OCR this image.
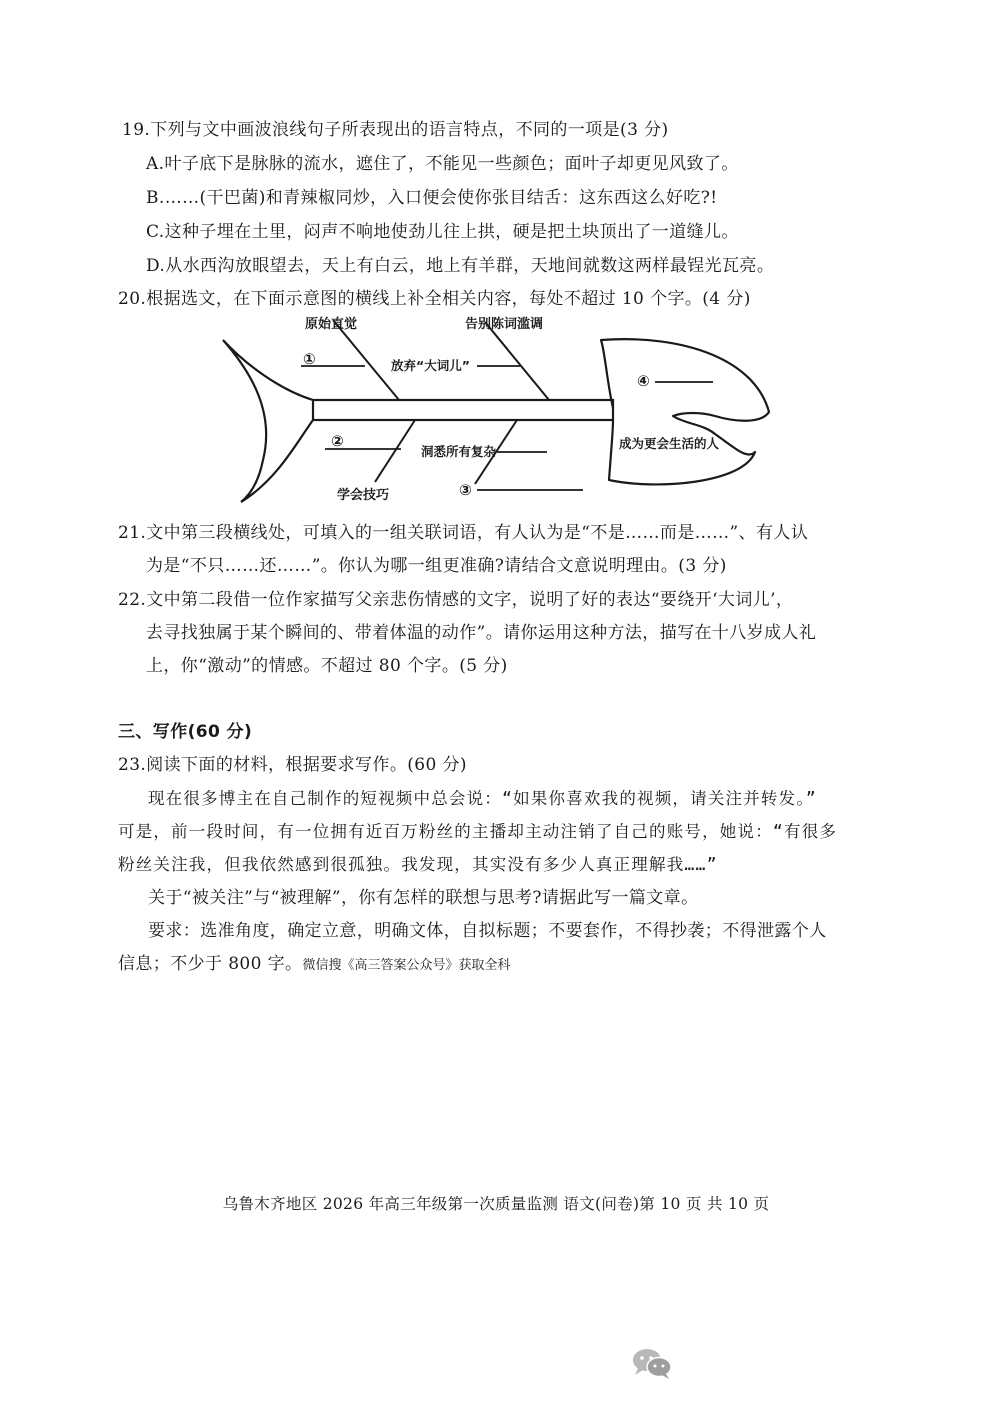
19.下列与文中画波浪线句子所表现出的语言特点，不同的一项是(3 分)
A.叶子底下是脉脉的流水，遮住了，不能见一些颜色；面叶子却更见风致了。
B.……(干巴菌)和青辣椒同炒，入口便会使你张目结舌：这东西这么好吃?!
C.这种子埋在土里，闷声不响地使劲儿往上拱，硬是把土块顶出了一道缝儿。
D.从水西沟放眼望去，天上有白云，地上有羊群，天地间就数这两样最锃光瓦亮。
20.根据选文，在下面示意图的横线上补全相关内容，每处不超过 10 个字。(4 分)
原始直觉	告别陈词滥调
放弃“大词儿”
洞悉所有复杂
学会技巧
成为更会生活的人
①
②
③
④
21.文中第三段横线处，可填入的一组关联词语，有人认为是“不是……而是……”、有人认
为是“不只……还……”。你认为哪一组更准确?请结合文意说明理由。(3 分)
22.文中第二段借一位作家描写父亲悲伤情感的文字，说明了好的表达“要绕开‘大词儿’，
去寻找独属于某个瞬间的、带着体温的动作”。请你运用这种方法，描写在十八岁成人礼
上，你“激动”的情感。不超过 80 个字。(5 分)
三、写作(60 分)
23.阅读下面的材料，根据要求写作。(60 分)
现在很多博主在自己制作的短视频中总会说：“如果你喜欢我的视频，请关注并转发。”
可是，前一段时间，有一位拥有近百万粉丝的主播却主动注销了自己的账号，她说：“有很多
粉丝关注我，但我依然感到很孤独。我发现，其实没有多少人真正理解我……”
关于“被关注”与“被理解”，你有怎样的联想与思考?请据此写一篇文章。
要求：选准角度，确定立意，明确文体，自拟标题；不要套作，不得抄袭；不得泄露个人
信息；不少于 800 字。微信搜《高三答案公众号》获取全科
乌鲁木齐地区 2026 年高三年级第一次质量监测 语文(问卷)第 10 页 共 10 页
